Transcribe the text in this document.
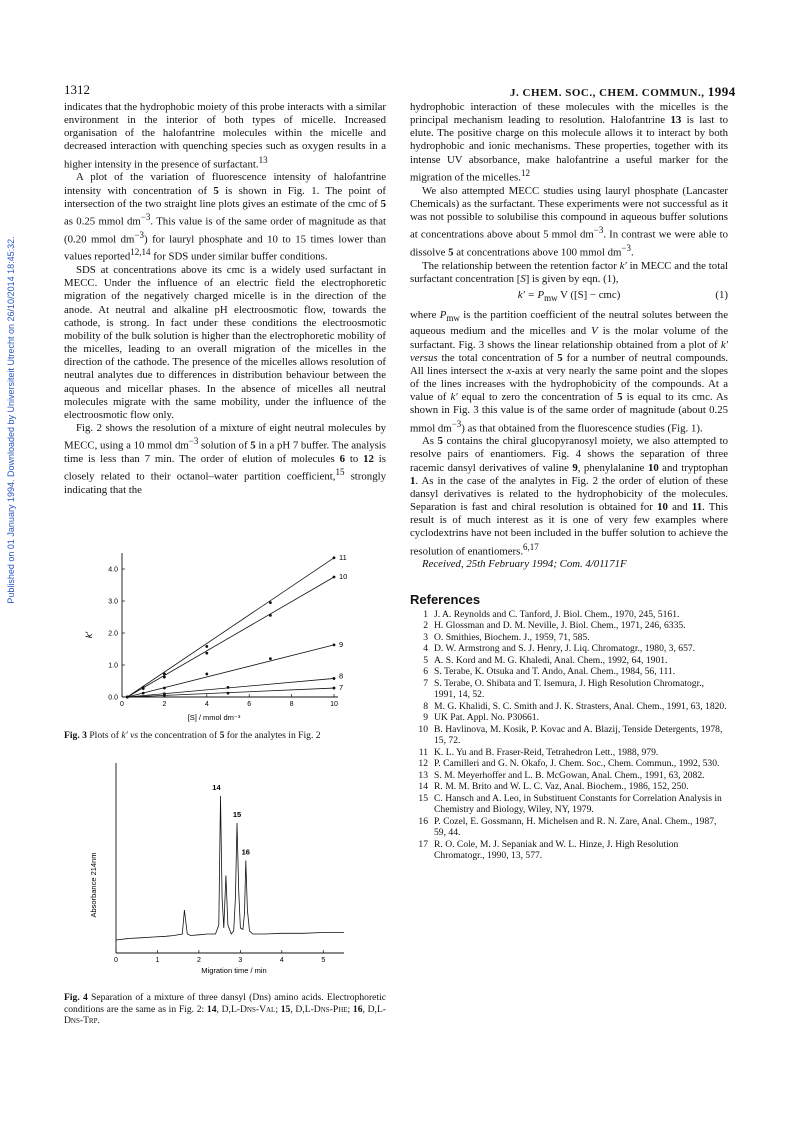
1312	J. CHEM. SOC., CHEM. COMMUN., 1994
Published on 01 January 1994. Downloaded by Universiteit Utrecht on 26/10/2014 18:45:32.

indicates that the hydrophobic moiety of this probe interacts with a similar environment in the interior of both types of micelle. Increased organisation of the halofantrine molecules within the micelle and decreased interaction with quenching species such as oxygen results in a higher intensity in the presence of surfactant.$^{13}$

A plot of the variation of fluorescence intensity of halofantrine intensity with concentration of 5 is shown in Fig. 1. The point of intersection of the two straight line plots gives an estimate of the cmc of 5 as 0.25 mmol $dm^{-3}$. This value is of the same order of magnitude as that (0.20 mmol $dm^{-3}$) for lauryl phosphate and 10 to 15 times lower than values reported$^{12,14}$ for SDS under similar buffer conditions.

SDS at concentrations above its cmc is a widely used surfactant in MECC. Under the influence of an electric field the electrophoretic migration of the negatively charged micelle is in the direction of the anode. At neutral and alkaline pH electroosmotic flow, towards the cathode, is strong. In fact under these conditions the electroosmotic mobility of the bulk solution is higher than the electrophoretic mobility of the micelles, leading to an overall migration of the micelles in the direction of the cathode. The presence of the micelles allows resolution of neutral analytes due to differences in distribution behaviour between the aqueous and micellar phases. In the absence of micelles all neutral molecules migrate with the same mobility, under the influence of the electroosmotic flow only.

Fig. 2 shows the resolution of a mixture of eight neutral molecules by MECC, using a 10 mmol $dm^{-3}$ solution of 5 in a pH 7 buffer. The analysis time is less than 7 min. The order of elution of molecules 6 to 12 is closely related to their octanol–water partition coefficient,$^{15}$ strongly indicating that the

0	2	4	6	8	10
0.0
1.0
2.0
3.0
4.0
11
10
9
8
7
[S] / mmol dm⁻³
k′
Fig. 3 Plots of k′ vs the concentration of 5 for the analytes in Fig. 2
0	1	2	3	4	5
14
15
16
Migration time / min
Absorbance 214nm
Fig. 4 Separation of a mixture of three dansyl (Dns) amino acids. Electrophoretic conditions are the same as in Fig. 2: 14, D,L-Dns-Val; 15, D,L-Dns-Phe; 16, D,L-Dns-Trp.

hydrophobic interaction of these molecules with the micelles is the principal mechanism leading to resolution. Halofantrine 13 is last to elute. The positive charge on this molecule allows it to interact by both hydrophobic and ionic mechanisms. These properties, together with its intense UV absorbance, make halofantrine a useful marker for the migration of the micelles.$^{12}$

We also attempted MECC studies using lauryl phosphate (Lancaster Chemicals) as the surfactant. These experiments were not successful as it was not possible to solubilise this compound in aqueous buffer solutions at concentrations above about 5 mmol $dm^{-3}$. In contrast we were able to dissolve 5 at concentrations above 100 mmol $dm^{-3}$.

The relationship between the retention factor k′ in MECC and the total surfactant concentration [S] is given by eqn. (1),

$k' = P_{mw}$ V ([S] − cmc)	(1)

where $P_{mw}$ is the partition coefficient of the neutral solutes between the aqueous medium and the micelles and V is the molar volume of the surfactant. Fig. 3 shows the linear relationship obtained from a plot of k′ versus the total concentration of 5 for a number of neutral compounds. All lines intersect the x-axis at very nearly the same point and the slopes of the lines increases with the hydrophobicity of the compounds. At a value of k′ equal to zero the concentration of 5 is equal to its cmc. As shown in Fig. 3 this value is of the same order of magnitude (about 0.25 mmol $dm^{-3}$) as that obtained from the fluorescence studies (Fig. 1).

As 5 contains the chiral glucopyranosyl moiety, we also attempted to resolve pairs of enantiomers. Fig. 4 shows the separation of three racemic dansyl derivatives of valine 9, phenylalanine 10 and tryptophan 1. As in the case of the analytes in Fig. 2 the order of elution of these dansyl derivatives is related to the hydrophobicity of the molecules. Separation is fast and chiral resolution is obtained for 10 and 11. This result is of much interest as it is one of very few examples where cyclodextrins have not been included in the buffer solution to achieve the resolution of enantiomers.$^{6,17}$

Received, 25th February 1994; Com. 4/01171F

References
1 J. A. Reynolds and C. Tanford, J. Biol. Chem., 1970, 245, 5161.
2 H. Glossman and D. M. Neville, J. Biol. Chem., 1971, 246, 6335.
3 O. Smithies, Biochem. J., 1959, 71, 585.
4 D. W. Armstrong and S. J. Henry, J. Liq. Chromatogr., 1980, 3, 657.
5 A. S. Kord and M. G. Khaledi, Anal. Chem., 1992, 64, 1901.
6 S. Terabe, K. Otsuka and T. Ando, Anal. Chem., 1984, 56, 111.
7 S. Terabe, O. Shibata and T. Isemura, J. High Resolution Chromatogr., 1991, 14, 52.
8 M. G. Khalidi, S. C. Smith and J. K. Strasters, Anal. Chem., 1991, 63, 1820.
9 UK Pat. Appl. No. P30661.
10 B. Havlinova, M. Kosik, P. Kovac and A. Blazij, Tenside Detergents, 1978, 15, 72.
11 K. L. Yu and B. Fraser-Reid, Tetrahedron Lett., 1988, 979.
12 P. Camilleri and G. N. Okafo, J. Chem. Soc., Chem. Commun., 1992, 530.
13 S. M. Meyerhoffer and L. B. McGowan, Anal. Chem., 1991, 63, 2082.
14 R. M. M. Brito and W. L. C. Vaz, Anal. Biochem., 1986, 152, 250.
15 C. Hansch and A. Leo, in Substituent Constants for Correlation Analysis in Chemistry and Biology, Wiley, NY, 1979.
16 P. Cozel, E. Gossmann, H. Michelsen and R. N. Zare, Anal. Chem., 1987, 59, 44.
17 R. O. Cole, M. J. Sepaniak and W. L. Hinze, J. High Resolution Chromatogr., 1990, 13, 577.
